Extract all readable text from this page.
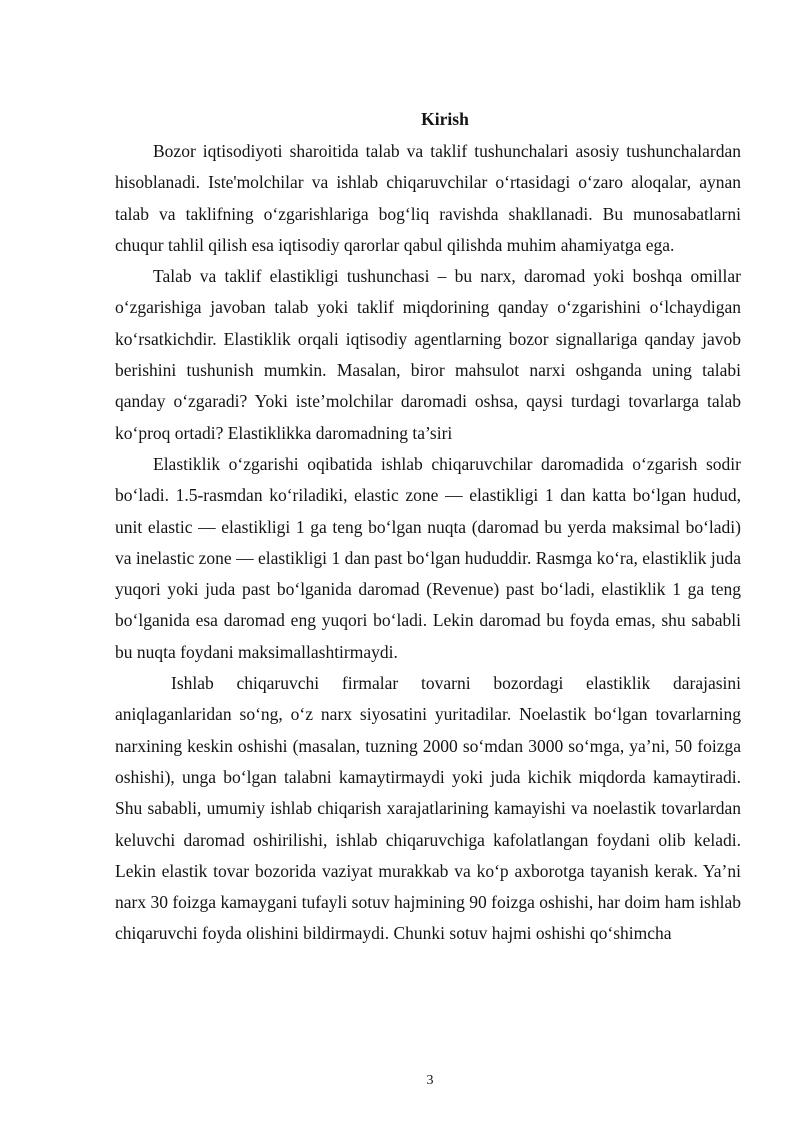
Kirish

Bozor iqtisodiyoti sharoitida talab va taklif tushunchalari asosiy tushunchalardan hisoblanadi. Iste'molchilar va ishlab chiqaruvchilar o‘rtasidagi o‘zaro aloqalar, aynan talab va taklifning o‘zgarishlariga bog‘liq ravishda shakllanadi. Bu munosabatlarni chuqur tahlil qilish esa iqtisodiy qarorlar qabul qilishda muhim ahamiyatga ega.

Talab va taklif elastikligi tushunchasi – bu narx, daromad yoki boshqa omillar o‘zgarishiga javoban talab yoki taklif miqdorining qanday o‘zgarishini o‘lchaydigan ko‘rsatkichdir. Elastiklik orqali iqtisodiy agentlarning bozor signallariga qanday javob berishini tushunish mumkin. Masalan, biror mahsulot narxi oshganda uning talabi qanday o‘zgaradi? Yoki iste’molchilar daromadi oshsa, qaysi turdagi tovarlarga talab ko‘proq ortadi? Elastiklikka daromadning ta’siri

Elastiklik o‘zgarishi oqibatida ishlab chiqaruvchilar daromadida o‘zgarish sodir bo‘ladi. 1.5-rasmdan ko‘riladiki, elastic zone — elastikligi 1 dan katta bo‘lgan hudud, unit elastic — elastikligi 1 ga teng bo‘lgan nuqta (daromad bu yerda maksimal bo‘ladi) va inelastic zone — elastikligi 1 dan past bo‘lgan hududdir. Rasmga ko‘ra, elastiklik juda yuqori yoki juda past bo‘lganida daromad (Revenue) past bo‘ladi, elastiklik 1 ga teng bo‘lganida esa daromad eng yuqori bo‘ladi. Lekin daromad bu foyda emas, shu sababli bu nuqta foydani maksimallashtirmaydi.

Ishlab chiqaruvchi firmalar tovarni bozordagi elastiklik darajasini aniqlaganlaridan so‘ng, o‘z narx siyosatini yuritadilar. Noelastik bo‘lgan tovarlarning narxining keskin oshishi (masalan, tuzning 2000 so‘mdan 3000 so‘mga, ya’ni, 50 foizga oshishi), unga bo‘lgan talabni kamaytirmaydi yoki juda kichik miqdorda kamaytiradi. Shu sababli, umumiy ishlab chiqarish xarajatlarining kamayishi va noelastik tovarlardan keluvchi daromad oshirilishi, ishlab chiqaruvchiga kafolatlangan foydani olib keladi. Lekin elastik tovar bozorida vaziyat murakkab va ko‘p axborotga tayanish kerak. Ya’ni narx 30 foizga kamaygani tufayli sotuv hajmining 90 foizga oshishi, har doim ham ishlab chiqaruvchi foyda olishini bildirmaydi. Chunki sotuv hajmi oshishi qo‘shimcha

3
